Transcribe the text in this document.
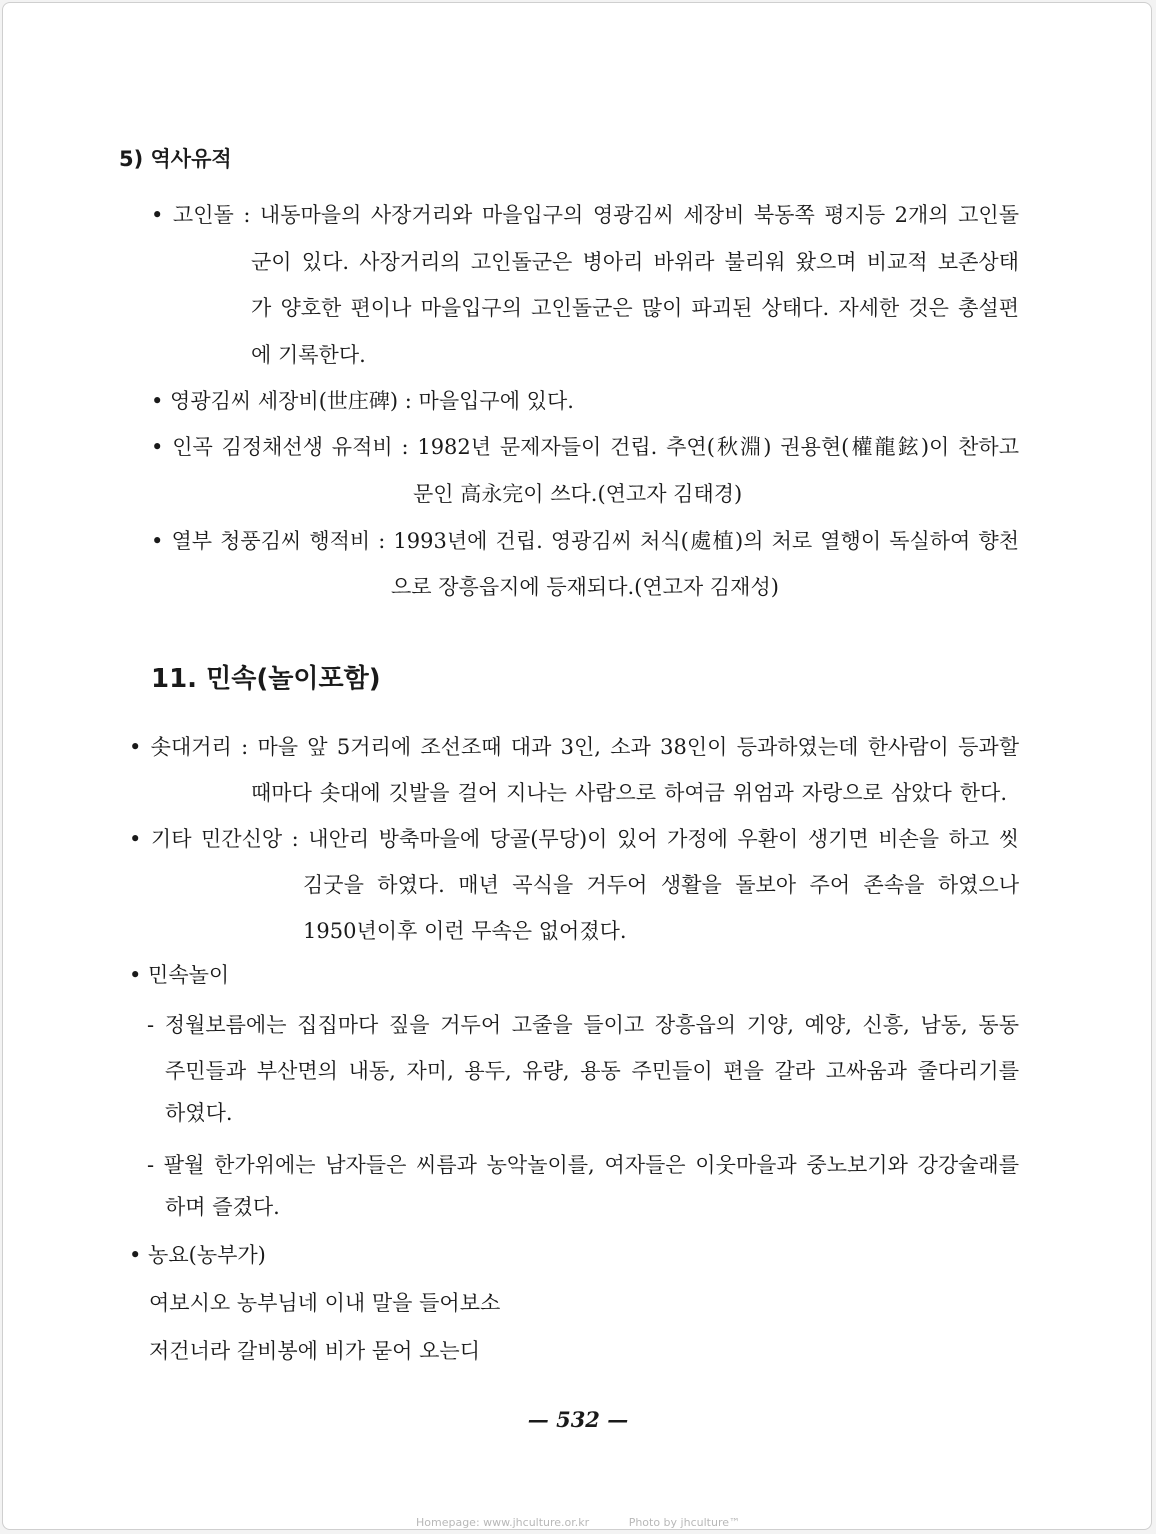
5) 역사유적
• 고인돌 : 내동마을의 사장거리와 마을입구의 영광김씨 세장비 북동쪽 평지등 2개의 고인돌
군이 있다. 사장거리의 고인돌군은 병아리 바위라 불리워 왔으며 비교적 보존상태
가 양호한 편이나 마을입구의 고인돌군은 많이 파괴된 상태다. 자세한 것은 총설편
에 기록한다.
• 영광김씨 세장비(世庄碑) : 마을입구에 있다.
• 인곡 김정채선생 유적비 : 1982년 문제자들이 건립. 추연(秋淵) 권용현(權龍鉉)이 찬하고
문인 高永完이 쓰다.(연고자 김태경)
• 열부 청풍김씨 행적비 : 1993년에 건립. 영광김씨 처식(處植)의 처로 열행이 독실하여 향천
으로 장흥읍지에 등재되다.(연고자 김재성)
11. 민속(놀이포함)
• 솟대거리 : 마을 앞 5거리에 조선조때 대과 3인, 소과 38인이 등과하였는데 한사람이 등과할
때마다 솟대에 깃발을 걸어 지나는 사람으로 하여금 위엄과 자랑으로 삼았다 한다.
• 기타 민간신앙 : 내안리 방축마을에 당골(무당)이 있어 가정에 우환이 생기면 비손을 하고 씻
김굿을 하였다. 매년 곡식을 거두어 생활을 돌보아 주어 존속을 하였으나
1950년이후 이런 무속은 없어졌다.
• 민속놀이
- 정월보름에는 집집마다 짚을 거두어 고줄을 들이고 장흥읍의 기양, 예양, 신흥, 남동, 동동
주민들과 부산면의 내동, 자미, 용두, 유량, 용동 주민들이 편을 갈라 고싸움과 줄다리기를
하였다.
- 팔월 한가위에는 남자들은 씨름과 농악놀이를, 여자들은 이웃마을과 중노보기와 강강술래를
하며 즐겼다.
• 농요(농부가)
여보시오 농부님네 이내 말을 들어보소
저건너라 갈비봉에 비가 묻어 오는디
— 532 —
Homepage: www.jhculture.or.kr	Photo by jhculture™
